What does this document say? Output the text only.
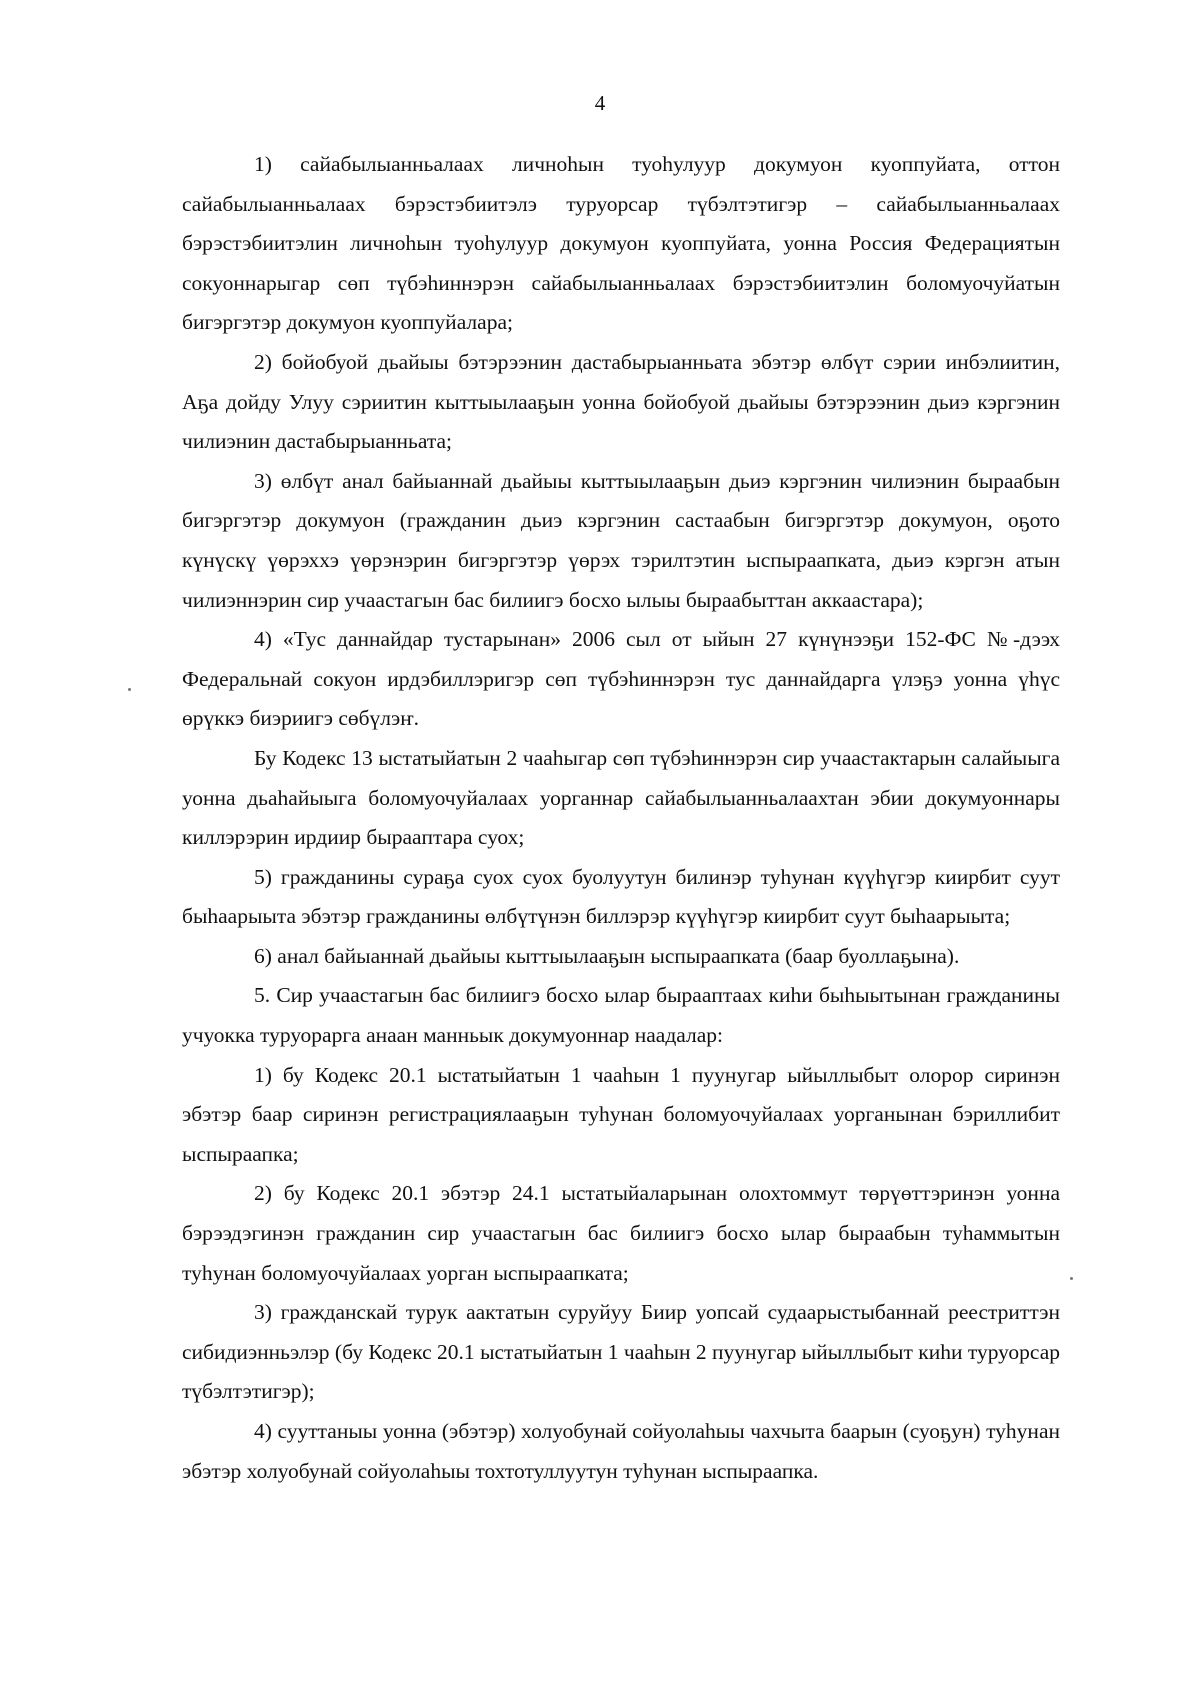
4

1) сайабылыанньалаах личноhын туоhулуур докумуон куоппуйата, оттон сайабылыанньалаах бэрэстэбиитэлэ туруорсар түбэлтэтигэр – сайабылыанньалаах бэрэстэбиитэлин личноhын туоhулуур докумуон куоппуйата, уонна Россия Федерациятын сокуоннарыгар сөп түбэhиннэрэн сайабылыанньалаах бэрэстэбиитэлин боломуочуйатын бигэргэтэр докумуон куоппуйалара;

2) бойобуой дьайыы бэтэрээнин дастабырыанньата эбэтэр өлбүт сэрии инбэлиитин, Аҕа дойду Улуу сэриитин кыттыылааҕын уонна бойобуой дьайыы бэтэрээнин дьиэ кэргэнин чилиэнин дастабырыанньата;

3) өлбүт анал байыаннай дьайыы кыттыылааҕын дьиэ кэргэнин чилиэнин быраабын бигэргэтэр докумуон (гражданин дьиэ кэргэнин састаабын бигэргэтэр докумуон, оҕото күнүскү үөрэххэ үөрэнэрин бигэргэтэр үөрэх тэрилтэтин ыспыраапката, дьиэ кэргэн атын чилиэннэрин сир учаастагын бас билиигэ босхо ылыы быраабыттан аккаастара);

4) «Тус даннайдар тустарынан» 2006 сыл от ыйын 27 күнүнээҕи 152-ФС №-дээх Федеральнай сокуон ирдэбиллэригэр сөп түбэhиннэрэн тус даннайдарга үлэҕэ уонна үhүс өрүккэ биэриигэ сөбүлэҥ.

Бу Кодекс 13 ыстатыйатын 2 чааhыгар сөп түбэhиннэрэн сир учаастактарын салайыыга уонна дьаhайыыга боломуочуйалаах уорганнар сайабылыанньалаахтан эбии докумуоннары киллэрэрин ирдиир быраaптара суох;

5) гражданины сураҕа суох суох буолуутун билинэр туhунан күүhүгэр киирбит суут быhаарыыта эбэтэр гражданины өлбүтүнэн биллэрэр күүhүгэр киирбит суут быhаарыыта;

6) анал байыаннай дьайыы кыттыылааҕын ыспыраапката (баар буоллаҕына).

5. Сир учаастагын бас билиигэ босхо ылар быраaптаах киhи быhыытынан гражданины учуокка туруорарга анаан манньык докумуоннар наадалар:

1) бу Кодекс 20.1 ыстатыйатын 1 чааhын 1 пуунугар ыйыллыбыт олорор сиринэн эбэтэр баар сиринэн регистрациялааҕын туhунан боломуочуйалаах уорганынан бэриллибит ыспыраапка;

2) бу Кодекс 20.1 эбэтэр 24.1 ыстатыйаларынан олохтоммут төрүөттэринэн уонна бэрээдэгинэн гражданин сир учаастагын бас билиигэ босхо ылар быраабын туhаммытын туhунан боломуочуйалаах уорган ыспыраапката;

3) гражданскай турук аактатын суруйуу Биир уопсай судаарыстыбаннай реестриттэн сибидиэнньэлэр (бу Кодекс 20.1 ыстатыйатын 1 чааhын 2 пуунугар ыйыллыбыт киhи туруорсар түбэлтэтигэр);

4) сууттаныы уонна (эбэтэр) холуобунай сойуолаhыы чахчыта баарын (суоҕун) туhунан эбэтэр холуобунай сойуолаhыы тохтотуллуутун туhунан ыспыраапка.
